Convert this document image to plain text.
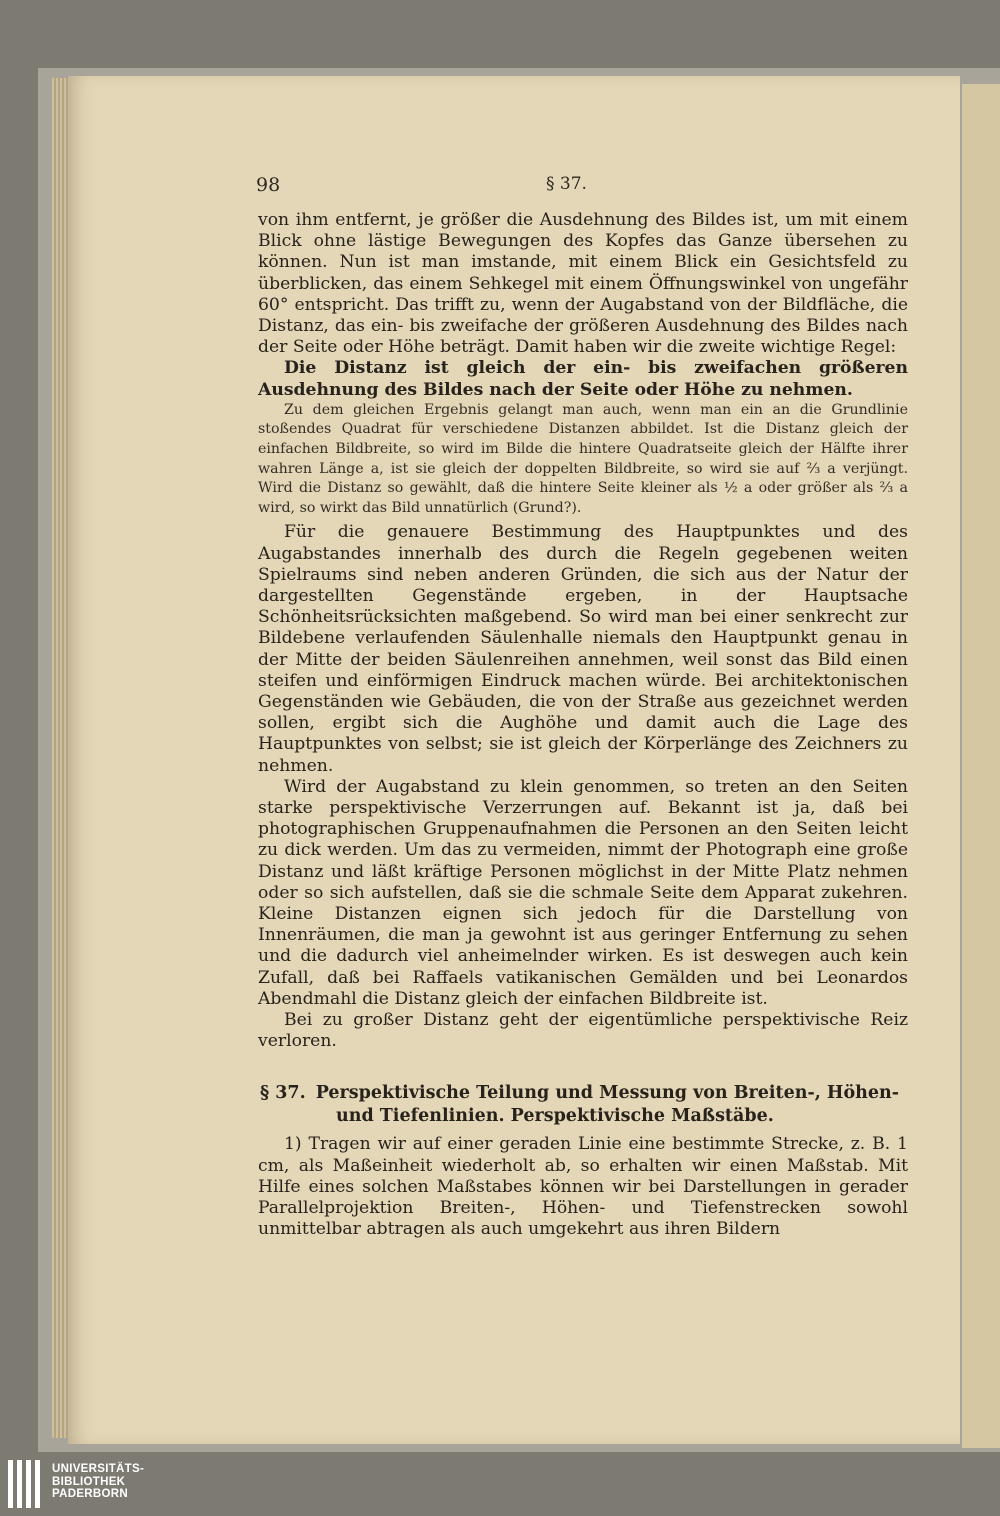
98	§ 37.

von ihm entfernt, je größer die Ausdehnung des Bildes ist, um mit einem Blick ohne lästige Bewegungen des Kopfes das Ganze übersehen zu können. Nun ist man imstande, mit einem Blick ein Gesichtsfeld zu überblicken, das einem Sehkegel mit einem Öffnungswinkel von ungefähr 60° entspricht. Das trifft zu, wenn der Augabstand von der Bildfläche, die Distanz, das ein- bis zweifache der größeren Ausdehnung des Bildes nach der Seite oder Höhe beträgt. Damit haben wir die zweite wichtige Regel:

Die Distanz ist gleich der ein- bis zweifachen größeren Ausdehnung des Bildes nach der Seite oder Höhe zu nehmen.

Zu dem gleichen Ergebnis gelangt man auch, wenn man ein an die Grundlinie stoßendes Quadrat für verschiedene Distanzen abbildet. Ist die Distanz gleich der einfachen Bildbreite, so wird im Bilde die hintere Quadratseite gleich der Hälfte ihrer wahren Länge a, ist sie gleich der doppelten Bildbreite, so wird sie auf ⅔ a verjüngt. Wird die Distanz so gewählt, daß die hintere Seite kleiner als ½ a oder größer als ⅔ a wird, so wirkt das Bild unnatürlich (Grund?).

Für die genauere Bestimmung des Hauptpunktes und des Augabstandes innerhalb des durch die Regeln gegebenen weiten Spielraums sind neben anderen Gründen, die sich aus der Natur der dargestellten Gegenstände ergeben, in der Hauptsache Schönheitsrücksichten maßgebend. So wird man bei einer senkrecht zur Bildebene verlaufenden Säulenhalle niemals den Hauptpunkt genau in der Mitte der beiden Säulenreihen annehmen, weil sonst das Bild einen steifen und einförmigen Eindruck machen würde. Bei architektonischen Gegenständen wie Gebäuden, die von der Straße aus gezeichnet werden sollen, ergibt sich die Aughöhe und damit auch die Lage des Hauptpunktes von selbst; sie ist gleich der Körperlänge des Zeichners zu nehmen.

Wird der Augabstand zu klein genommen, so treten an den Seiten starke perspektivische Verzerrungen auf. Bekannt ist ja, daß bei photographischen Gruppenaufnahmen die Personen an den Seiten leicht zu dick werden. Um das zu vermeiden, nimmt der Photograph eine große Distanz und läßt kräftige Personen möglichst in der Mitte Platz nehmen oder so sich aufstellen, daß sie die schmale Seite dem Apparat zukehren. Kleine Distanzen eignen sich jedoch für die Darstellung von Innenräumen, die man ja gewohnt ist aus geringer Entfernung zu sehen und die dadurch viel anheimelnder wirken. Es ist deswegen auch kein Zufall, daß bei Raffaels vatikanischen Gemälden und bei Leonardos Abendmahl die Distanz gleich der einfachen Bildbreite ist.

Bei zu großer Distanz geht der eigentümliche perspektivische Reiz verloren.

§ 37. Perspektivische Teilung und Messung von Breiten-, Höhen-
und Tiefenlinien. Perspektivische Maßstäbe.

1) Tragen wir auf einer geraden Linie eine bestimmte Strecke, z. B. 1 cm, als Maßeinheit wiederholt ab, so erhalten wir einen Maßstab. Mit Hilfe eines solchen Maßstabes können wir bei Darstellungen in gerader Parallelprojektion Breiten-, Höhen- und Tiefenstrecken sowohl unmittelbar abtragen als auch umgekehrt aus ihren Bildern

UNIVERSITÄTS-
BIBLIOTHEK
PADERBORN
